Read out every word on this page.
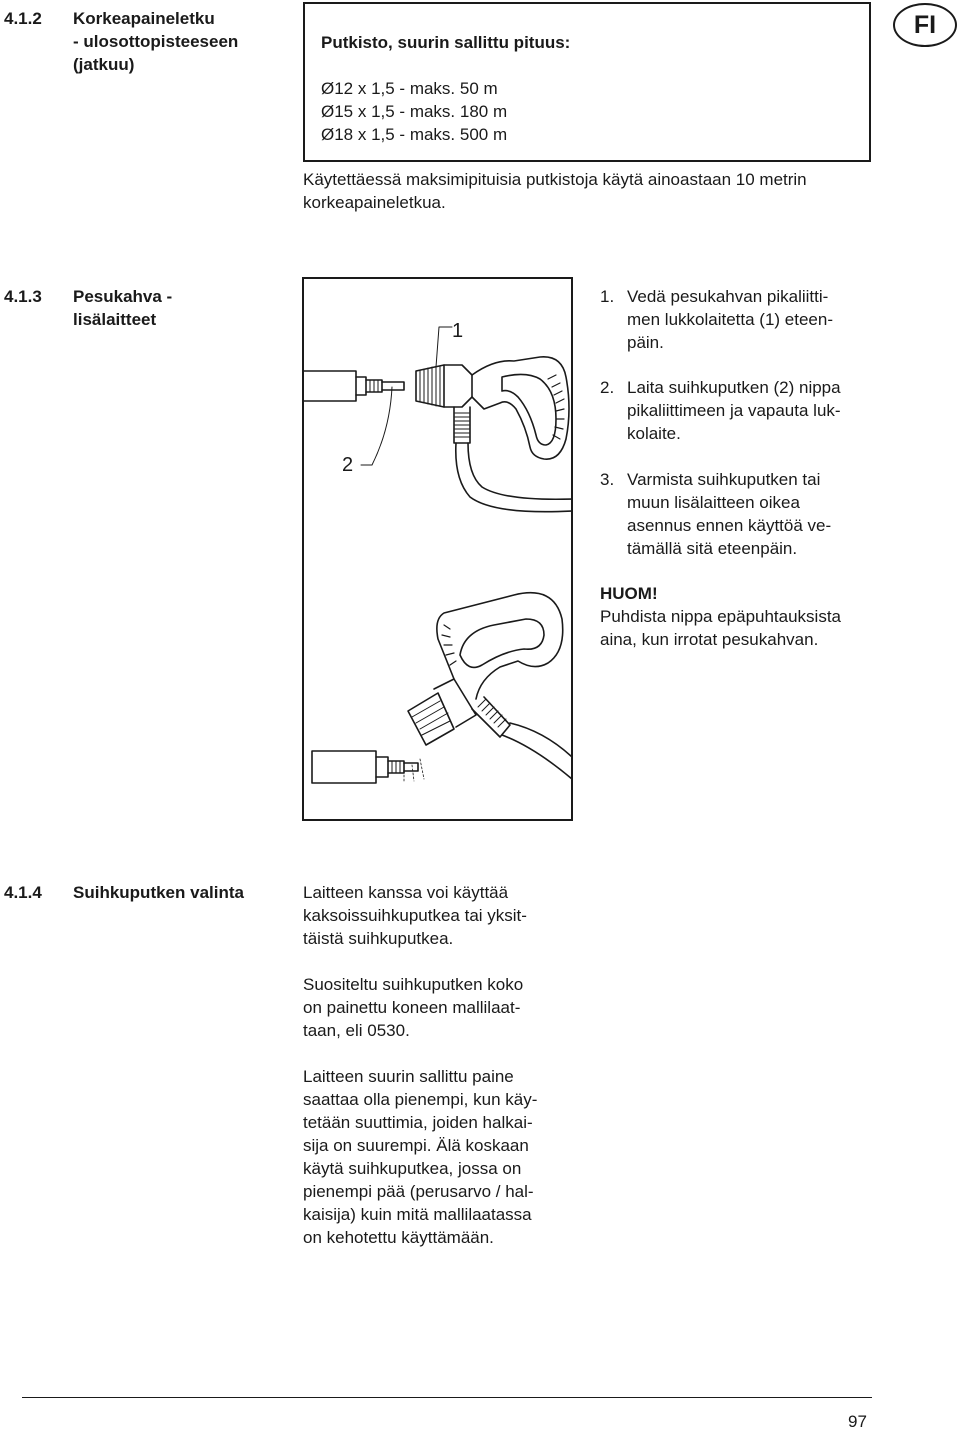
FI
4.1.2 Korkeapaineletku
- ulosottopisteeseen
(jatkuu)
Putkisto, suurin sallittu pituus:
Ø12 x 1,5 - maks. 50 m
Ø15 x 1,5 - maks. 180 m
Ø18 x 1,5 - maks. 500 m
Käytettäessä maksimipituisia putkistoja käytä ainoastaan 10 metrin
korkeapaineletkua.
4.1.3 Pesukahva -
lisälaitteet
1
2
1. Vedä pesukahvan pikaliitti-
men lukkolaitetta (1) eteen-
päin.
2. Laita suihkuputken (2) nippa
pikaliittimeen ja vapauta luk-
kolaite.
3. Varmista suihkuputken tai
muun lisälaitteen oikea
asennus ennen käyttöä ve-
tämällä sitä eteenpäin.
HUOM!
Puhdista nippa epäpuhtauksista
aina, kun irrotat pesukahvan.
4.1.4 Suihkuputken valinta	Laitteen kanssa voi käyttää
kaksoissuihkuputkea tai yksit-
täistä suihkuputkea.
Suositeltu suihkuputken koko
on painettu koneen mallilaat-
taan, eli 0530.
Laitteen suurin sallittu paine
saattaa olla pienempi, kun käy-
tetään suuttimia, joiden halkai-
sija on suurempi. Älä koskaan
käytä suihkuputkea, jossa on
pienempi pää (perusarvo / hal-
kaisija) kuin mitä mallilaatassa
on kehotettu käyttämään.
97
